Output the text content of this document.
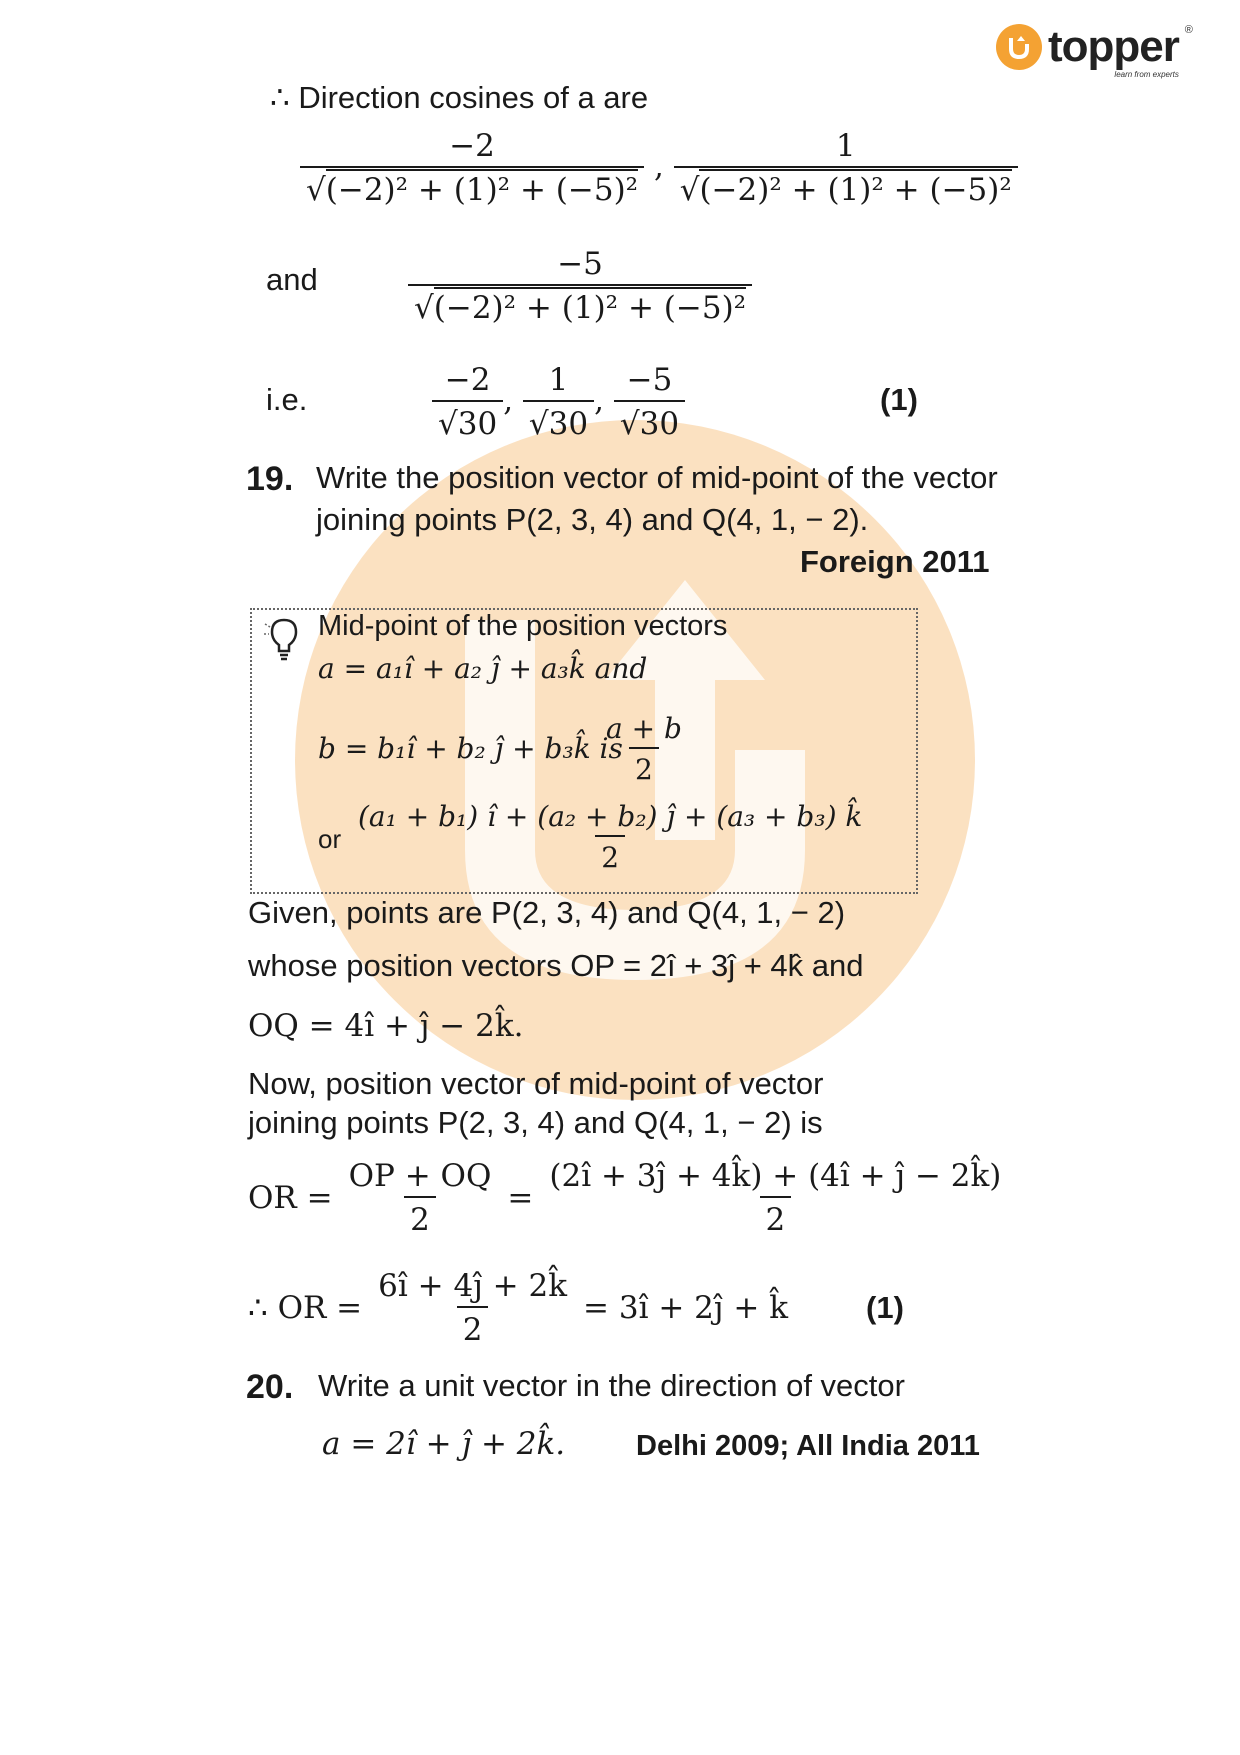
topper ®
learn from experts
∴ Direction cosines of a are
$\frac{-2}{\text{√(−2)² + (1)² + (−5)²}}$ , $\frac{1}{\text{√(−2)² + (1)² + (−5)²}}$
and	$\frac{-5}{\text{√(−2)² + (1)² + (−5)²}}$
i.e.	$\frac{-2}{√30}$ , $\frac{1}{√30}$ , $\frac{-5}{√30}$	(1)
19. Write the position vector of mid-point of the vector
joining points P(2, 3, 4) and Q(4, 1, − 2).
Foreign 2011
Mid-point of the position vectors
a = a₁î + a₂ ĵ + a₃k̂ and
b = b₁î + b₂ ĵ + b₃k̂ is
$\frac{a + b}{2}$
or $\frac{\text{(a₁ + b₁) î + (a₂ + b₂) ĵ + (a₃ + b₃) k̂}}{2}$
Given, points are P(2, 3, 4) and Q(4, 1, − 2)
whose position vectors OP = 2î + 3ĵ + 4k̂ and
OQ = 4î + ĵ − 2k̂.
Now, position vector of mid-point of vector
joining points P(2, 3, 4) and Q(4, 1, − 2) is
OR = $\frac{OP + OQ}{2} = \frac{(2î + 3ĵ + 4k̂) + (4î + ĵ - 2k̂)}{2}$
∴ OR = $\frac{6î + 4ĵ + 2k̂}{2}$ = 3î + 2ĵ + k̂	(1)
20. Write a unit vector in the direction of vector
a = 2î + ĵ + 2k̂. Delhi 2009; All India 2011
